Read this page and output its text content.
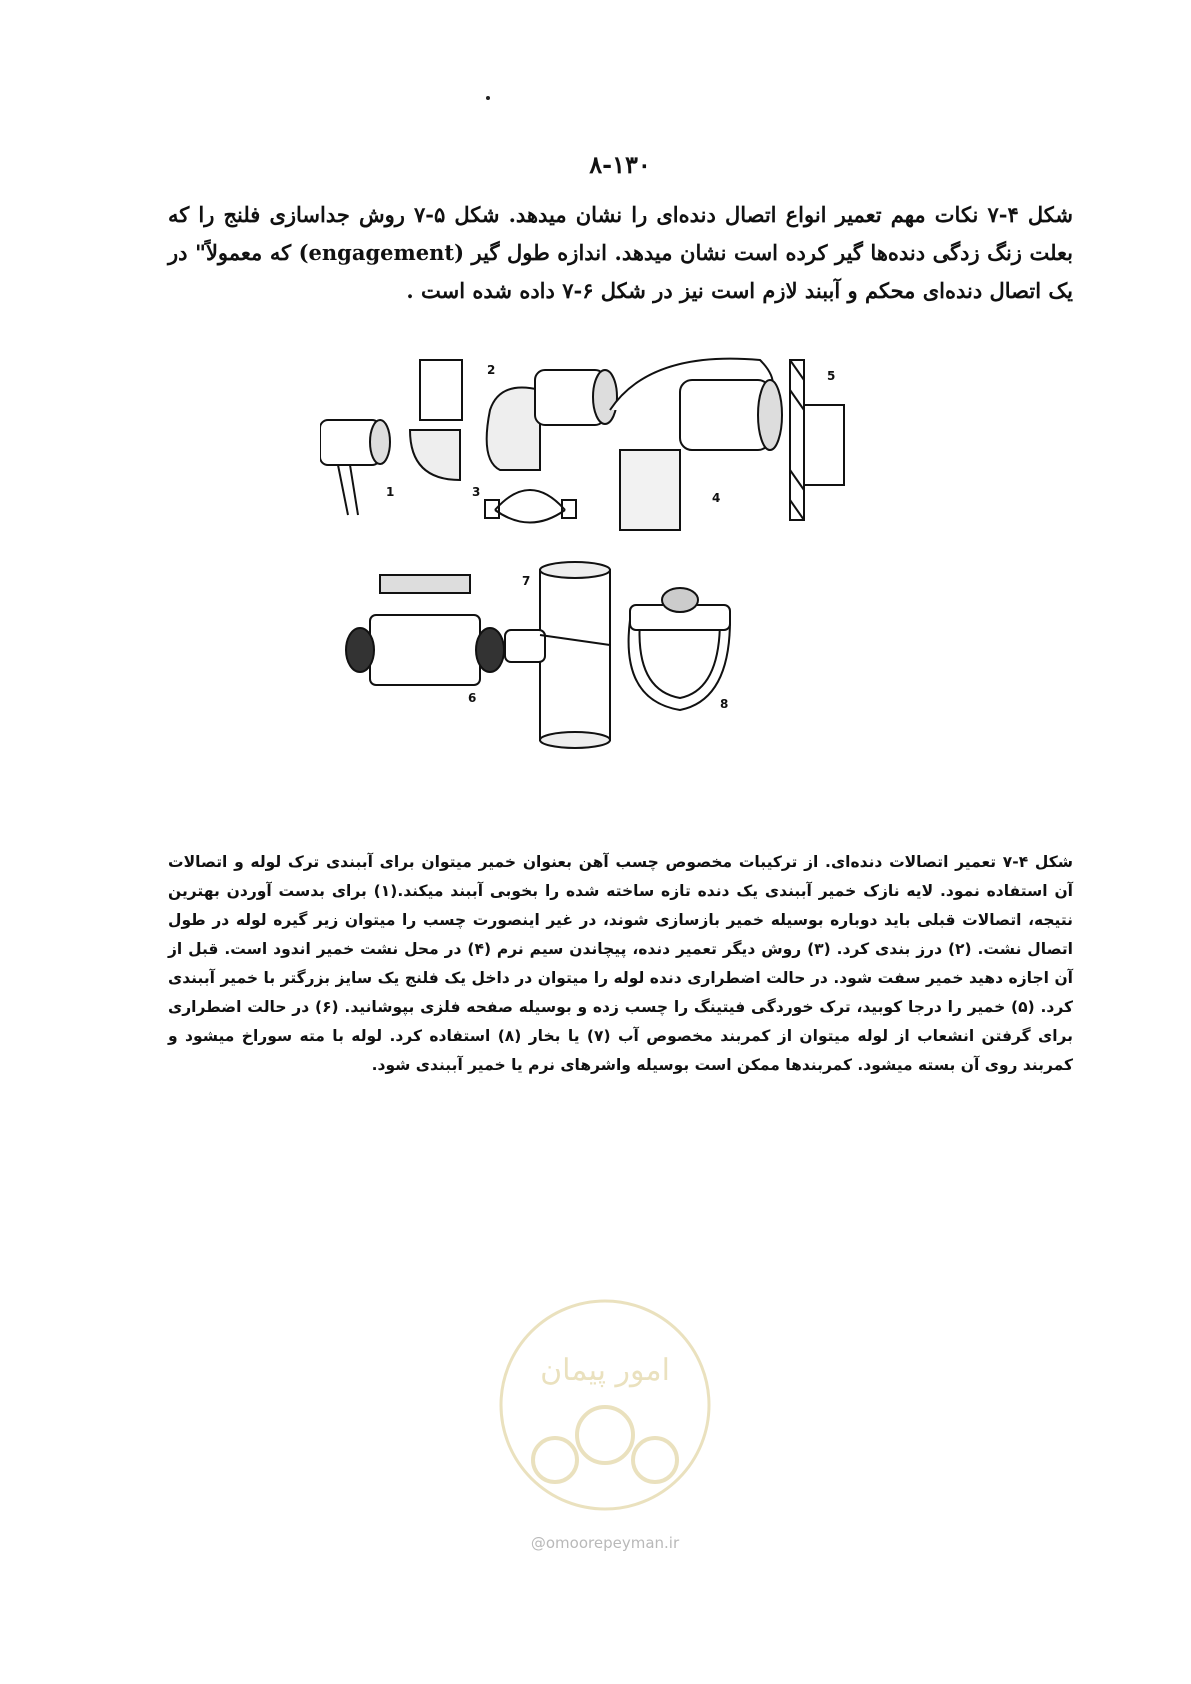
۸-۱۳۰

شکل ۴-۷ نکات مهم تعمیر انواع اتصال دنده‌ای را نشان میدهد. شکل ۵-۷ روش جداسازی فلنج را که بعلت زنگ زدگی دنده‌ها گیر کرده است نشان میدهد. اندازه طول گیر (engagement) که معمولاً" در یک اتصال دنده‌ای محکم و آببند لازم است نیز در شکل ۶-۷ داده شده است .

1
2
3	4
5
6
7
8

شکل ۴-۷ تعمیر اتصالات دنده‌ای. از ترکیبات مخصوص چسب آهن بعنوان خمیر میتوان برای آببندی ترک لوله و اتصالات آن استفاده نمود. لایه نازک خمیر آببندی یک دنده تازه ساخته شده را بخوبی آببند میکند.(۱) برای بدست آوردن بهترین نتیجه، اتصالات قبلی باید دوباره بوسیله خمیر بازسازی شوند، در غیر اینصورت چسب را میتوان زیر گیره لوله در طول اتصال نشت. (۲) درز بندی کرد. (۳) روش دیگر تعمیر دنده، پیچاندن سیم نرم (۴) در محل نشت خمیر اندود است. قبل از آن اجازه دهید خمیر سفت شود. در حالت اضطراری دنده لوله را میتوان در داخل یک فلنج یک سایز بزرگتر با خمیر آببندی کرد. (۵) خمیر را درجا کوبید، ترک خوردگی فیتینگ را چسب زده و بوسیله صفحه فلزی بپوشانید. (۶) در حالت اضطراری برای گرفتن انشعاب از لوله میتوان از کمربند مخصوص آب (۷) یا بخار (۸) استفاده کرد. لوله با مته سوراخ میشود و کمربند روی آن بسته میشود. کمربندها ممکن است بوسیله واشرهای نرم یا خمیر آببندی شود.

امور پیمان
@omoorepeyman.ir
